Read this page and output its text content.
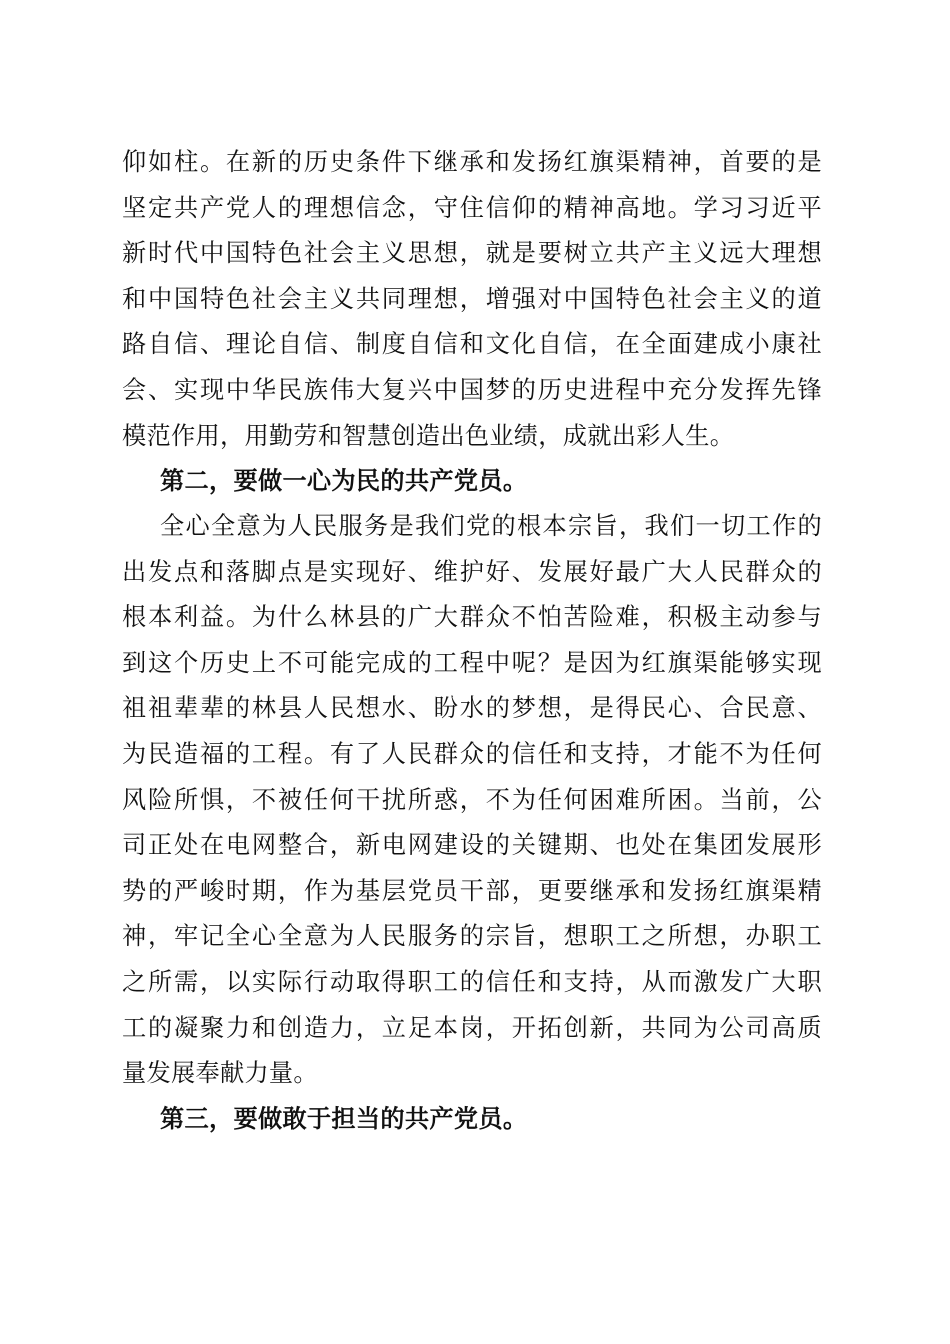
仰如柱。在新的历史条件下继承和发扬红旗渠精神，首要的是
坚定共产党人的理想信念，守住信仰的精神高地。学习习近平
新时代中国特色社会主义思想，就是要树立共产主义远大理想
和中国特色社会主义共同理想，增强对中国特色社会主义的道
路自信、理论自信、制度自信和文化自信，在全面建成小康社
会、实现中华民族伟大复兴中国梦的历史进程中充分发挥先锋
模范作用，用勤劳和智慧创造出色业绩，成就出彩人生。
第二，要做一心为民的共产党员。
全心全意为人民服务是我们党的根本宗旨，我们一切工作的
出发点和落脚点是实现好、维护好、发展好最广大人民群众的
根本利益。为什么林县的广大群众不怕苦险难，积极主动参与
到这个历史上不可能完成的工程中呢？是因为红旗渠能够实现
祖祖辈辈的林县人民想水、盼水的梦想，是得民心、合民意、
为民造福的工程。有了人民群众的信任和支持，才能不为任何
风险所惧，不被任何干扰所惑，不为任何困难所困。当前，公
司正处在电网整合，新电网建设的关键期、也处在集团发展形
势的严峻时期，作为基层党员干部，更要继承和发扬红旗渠精
神，牢记全心全意为人民服务的宗旨，想职工之所想，办职工
之所需，以实际行动取得职工的信任和支持，从而激发广大职
工的凝聚力和创造力，立足本岗，开拓创新，共同为公司高质
量发展奉献力量。
第三，要做敢于担当的共产党员。
